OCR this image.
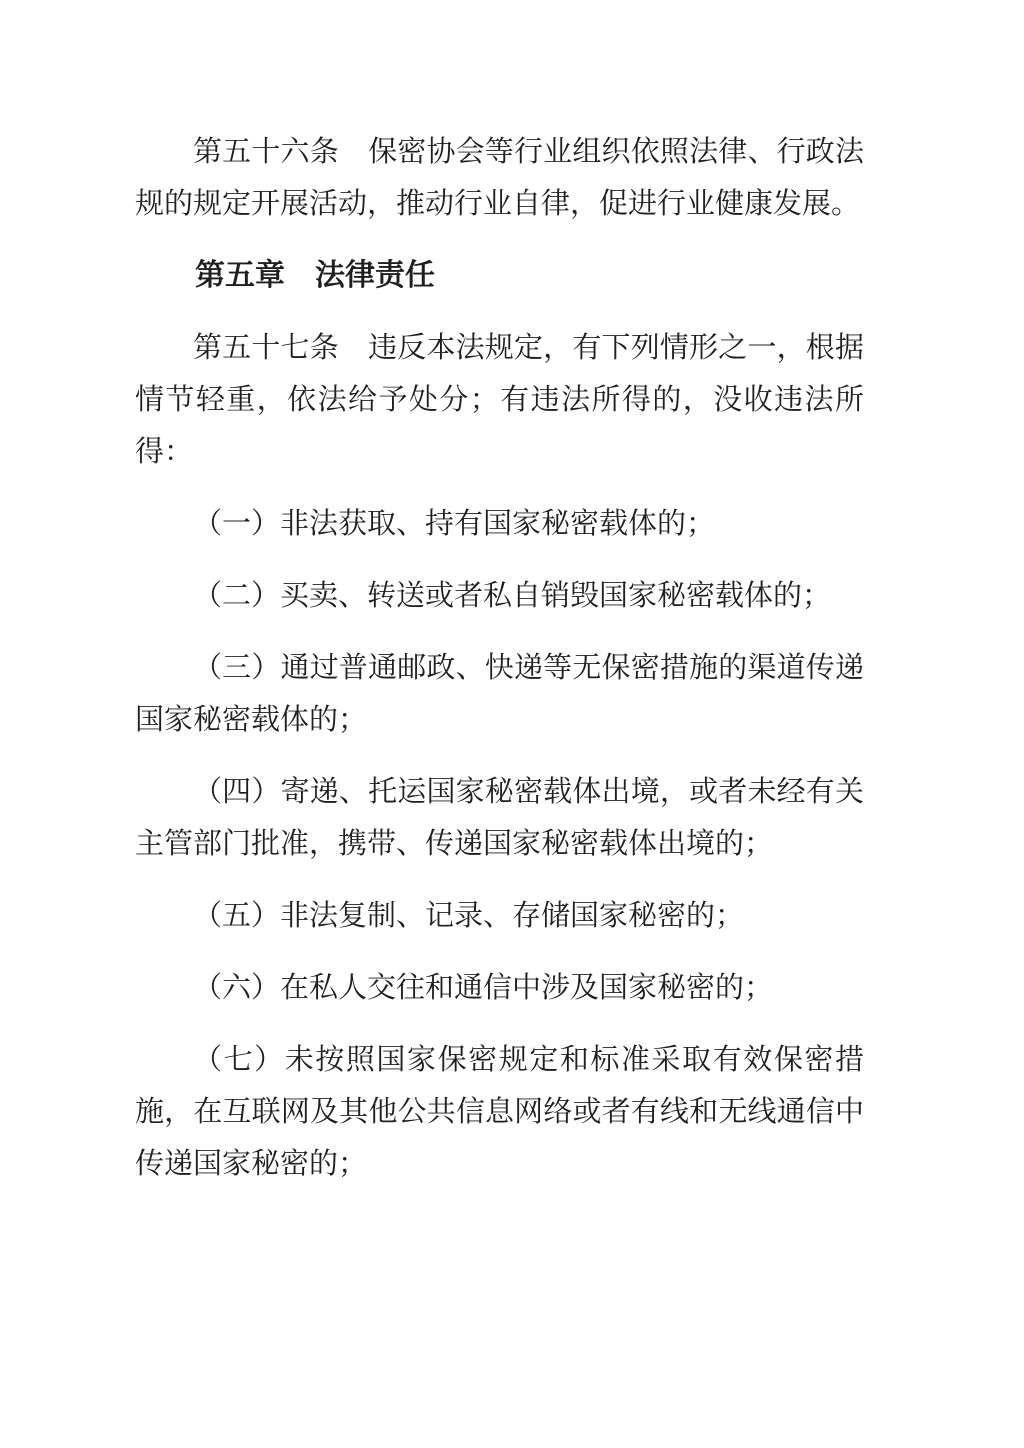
第五十六条　保密协会等行业组织依照法律、行政法规的规定开展活动，推动行业自律，促进行业健康发展。

第五章　法律责任

第五十七条　违反本法规定，有下列情形之一，根据情节轻重，依法给予处分；有违法所得的，没收违法所得：

（一）非法获取、持有国家秘密载体的；

（二）买卖、转送或者私自销毁国家秘密载体的；

（三）通过普通邮政、快递等无保密措施的渠道传递国家秘密载体的；

（四）寄递、托运国家秘密载体出境，或者未经有关主管部门批准，携带、传递国家秘密载体出境的；

（五）非法复制、记录、存储国家秘密的；

（六）在私人交往和通信中涉及国家秘密的；

（七）未按照国家保密规定和标准采取有效保密措施，在互联网及其他公共信息网络或者有线和无线通信中传递国家秘密的；
